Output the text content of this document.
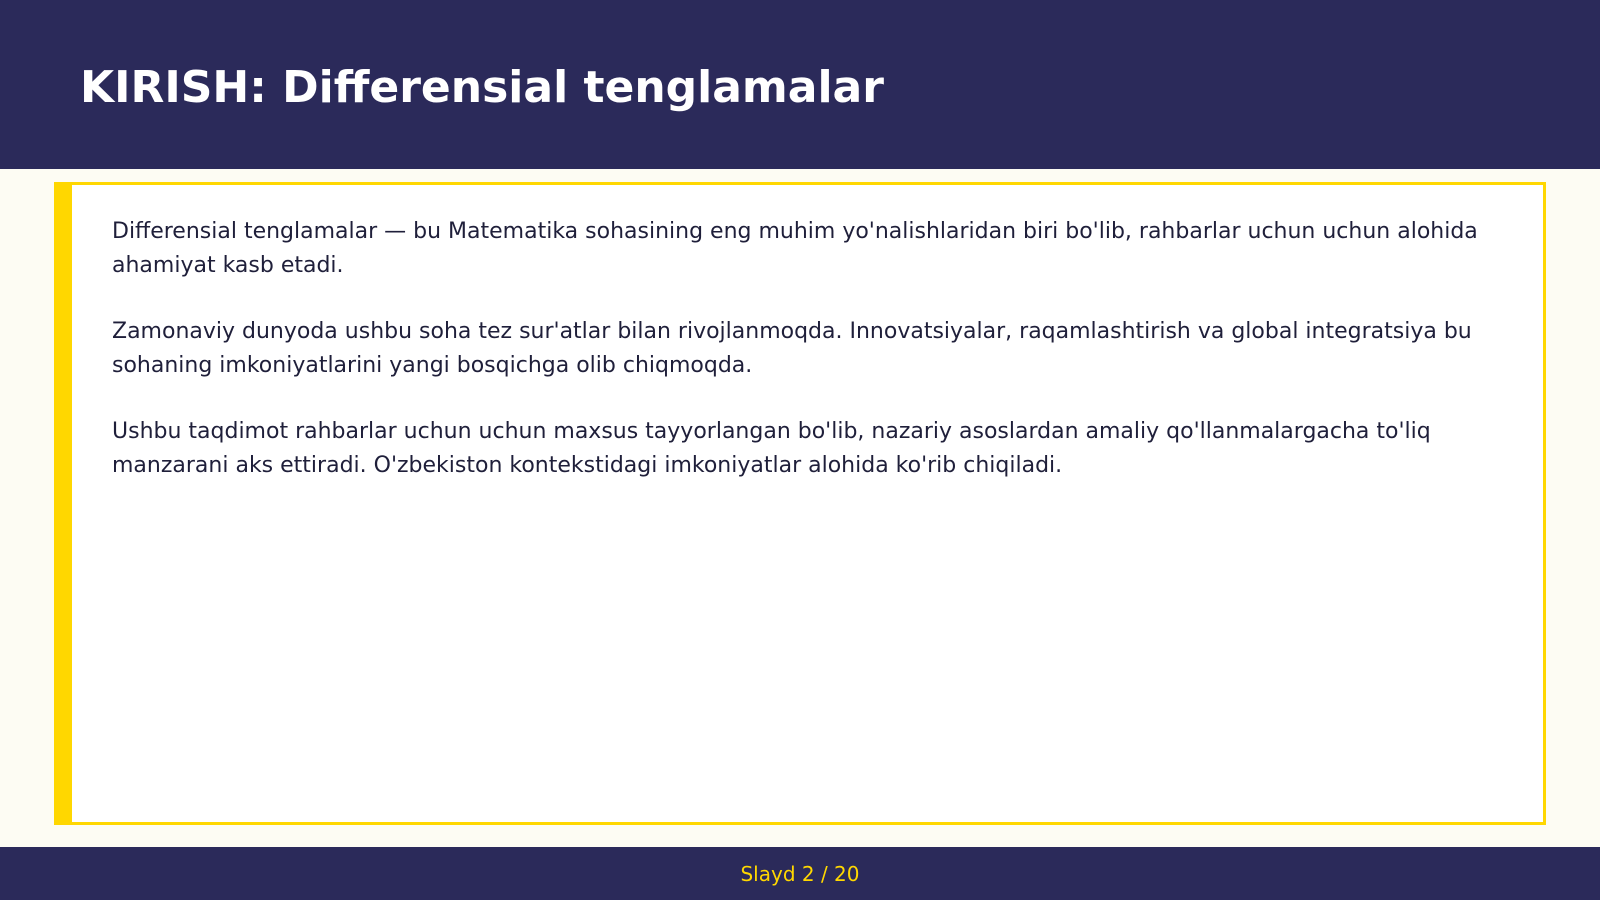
KIRISH: Differensial tenglamalar

Differensial tenglamalar — bu Matematika sohasining eng muhim yo'nalishlaridan biri bo'lib, rahbarlar uchun uchun alohida ahamiyat kasb etadi.

Zamonaviy dunyoda ushbu soha tez sur'atlar bilan rivojlanmoqda. Innovatsiyalar, raqamlashtirish va global integratsiya bu sohaning imkoniyatlarini yangi bosqichga olib chiqmoqda.

Ushbu taqdimot rahbarlar uchun uchun maxsus tayyorlangan bo'lib, nazariy asoslardan amaliy qo'llanmalargacha to'liq manzarani aks ettiradi. O'zbekiston kontekstidagi imkoniyatlar alohida ko'rib chiqiladi.

Slayd 2 / 20
